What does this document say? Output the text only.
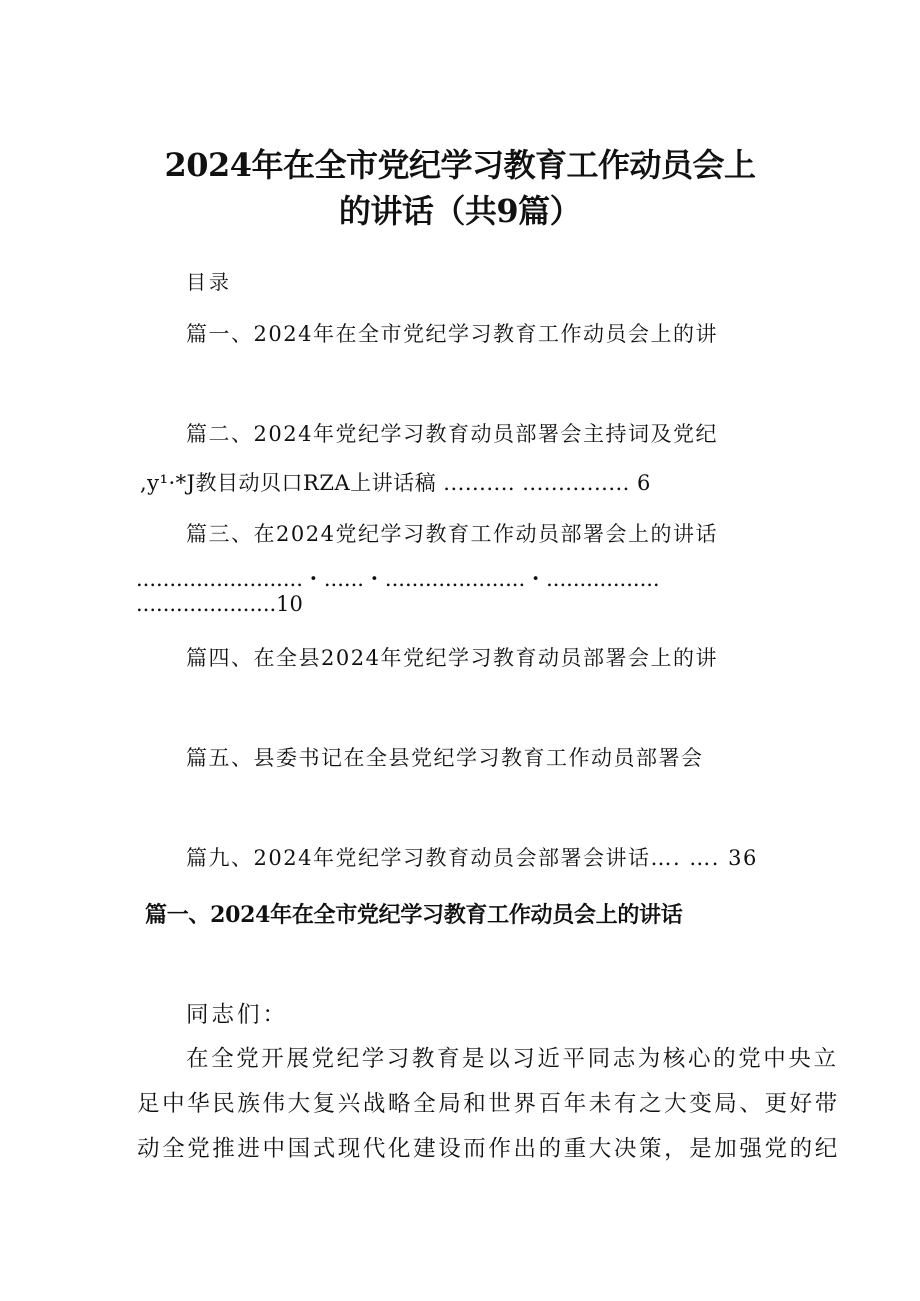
2024年在全市党纪学习教育工作动员会上
的讲话（共9篇）
目录
篇一、2024年在全市党纪学习教育工作动员会上的讲
篇二、2024年党纪学习教育动员部署会主持词及党纪
,y¹·*J教目动贝口RZA上讲话稿 .......... ............... 6
篇三、在2024党纪学习教育工作动员部署会上的讲话
.........................・......・.....................・.................
.....................10
篇四、在全县2024年党纪学习教育动员部署会上的讲
篇五、县委书记在全县党纪学习教育工作动员部署会
篇九、2024年党纪学习教育动员会部署会讲话…. …. 36
篇一、2024年在全市党纪学习教育工作动员会上的讲话
同志们：
在全党开展党纪学习教育是以习近平同志为核心的党中央立
足中华民族伟大复兴战略全局和世界百年未有之大变局、更好带
动全党推进中国式现代化建设而作出的重大决策，是加强党的纪
